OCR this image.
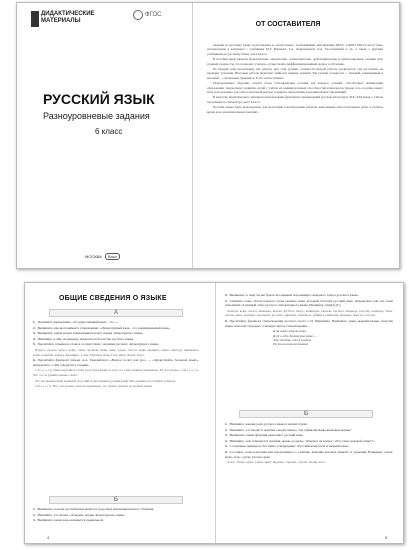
ДИДАКТИЧЕСКИЕ
МАТЕРИАЛЫ
ФГОС
РУССКИЙ ЯЗЫК
Разноуровневые задания
6 класс
МОСКВА	Вако
ОТ СОСТАВИТЕЛЯ

Задания по русскому языку подготовлены в соответствии с требованиями действующих ФГОС и ФОП ООО и могут быть использованы в комплекте с учебником М.Т. Баранова, Т.А. Ладыженской, Л.А. Тростенцовой и др., а также с другими учебниками по русскому языку для 6 класса.

В пособии представлены фонетические, лексические, грамматические, орфографические и пунктуационные задания трёх уровней сложности, что позволяет учителю осуществлять дифференцированный подход к обучению.

По каждой теме предложены три работы, при этом уровень сложности каждой работы различается: она рассчитана на проверку усвоения. Итоговые работы включают наиболее важные задания. Три уровня сложности — базовый, повышенный и высокий — обозначены буквами А, Б, В соответственно.

Разноуровневое обучение создаёт более благоприятные условия для каждого ученика, способствует активизации образования, творческому развитию детей с учётом их индивидуальных способностей и интересов. Кроме того, пособие может быть использовано для самостоятельной работы учащихся, выполнения дополнительных упражнений.

В качестве дидактического материала использованы фрагменты произведений русской литературы XIX–XXI веков с учётом программы по литературе для 6 класса.

Пособие может быть использовано для подготовки к контрольным работам, выполнения самостоятельных работ в учебное время и на дополнительных занятиях.

ОБЩИЕ СВЕДЕНИЯ О ЯЗЫКЕ
А

1. Допишите определение: «Государственный язык – это...»

2. Выпишите, как вы понимаете утверждение: «Литературный язык – это нормированный язык».

3. Выпишите, какой раздел языкознания изучает нормы литературного языка.

4. Напишите, в чём, по-вашему, заключается богатство русского языка.

5. Прочитайте отрывок и слова в соответствии с нормами русского литературного языка.

Ворота, пальто, метро, кофе, такси, жалюзи, фойе, кино, радио, шоссе, кафе, пианино, какао, кенгуру, шимпанзе, пони, колибри, какаду, фламинго, Сочи, Тбилиси, Баку, Гёте, Шоу, Дюма, Гюго.

6. Прочитайте фрагмент письма А.А. Гвардейского «Вопрос полну дан рус» — «Здравствуйте, большой язык!». Определите, о чём говорится в отрывке.

1-й з о о г р. Какое красивое слово в русском языке, и я на эту тему напишу правильно. Есть и вопрос. 2-й з о о г р. Что это за удивительные слова?

Это же прекрасный, великий, могучий и свободный русский язык! Мы должны его любить и беречь.

3-й з о о г р. Все, что можно сказать правильно, это нужно сказать на родном языке.

Б

1. Выпишите, почему русский язык является средством межнационального общения.

2. Напишите, что значит соблюдать нормы литературного языка.

3. Выпишите, какая речь называется правильной.

4. Выпишите, к чему бы вы будете источником пополнения словарного запаса русского языка.

5. Спишите слова. После каждого слова укажите язык, который обогатил русский язык. Определите, как эти слова пополнили словарный запас русского литературного языка. Например: букв(л) [Г].

Альбом, кофе, шахта, инженер, вокзал, футбол, парус, каникулы, рюкзак, паспорт, медведь, тетрадь, помидор, бриз, лагерь, кино, концерт, карандаш, костюм, дирижёр, портфель, кабинет, гимназия, ярмарка, фартук, галстук.

6. Прочитайте фрагмент стихотворения русского поэта С.П. Щипачёва. Напишите, какие выразительные средства языка помогают передать основную мысль стихотворения.

Я на земле такую знаю,

И ей и одну богатство знаю —

Это потому, что я владею

Русским великим языком.

Б

1. Напишите, каковы роль русского языка в нашей стране.

2. Напишите, что входит в понятие «норма языка». Где зафиксированы языковые нормы?

3. Выпишите, какие функции выполняет русский язык.

4. Напишите, чем отличаются понятия «язык» и «речь». Ответьте на вопрос: «Что такое речевой этикет?»

5. С помощью примеров обоснуйте утверждение: «Русский язык богат и выразителен».

6. Составьте словосочетания или предложения со словами, значение которых зависит от ударения. Например: замок, мука, атлас, орган, хлопок, ирис.

Атлас, белок, мука, замок, ирис, кружки, стрелки, сорока, полки, хаос.

4	5
